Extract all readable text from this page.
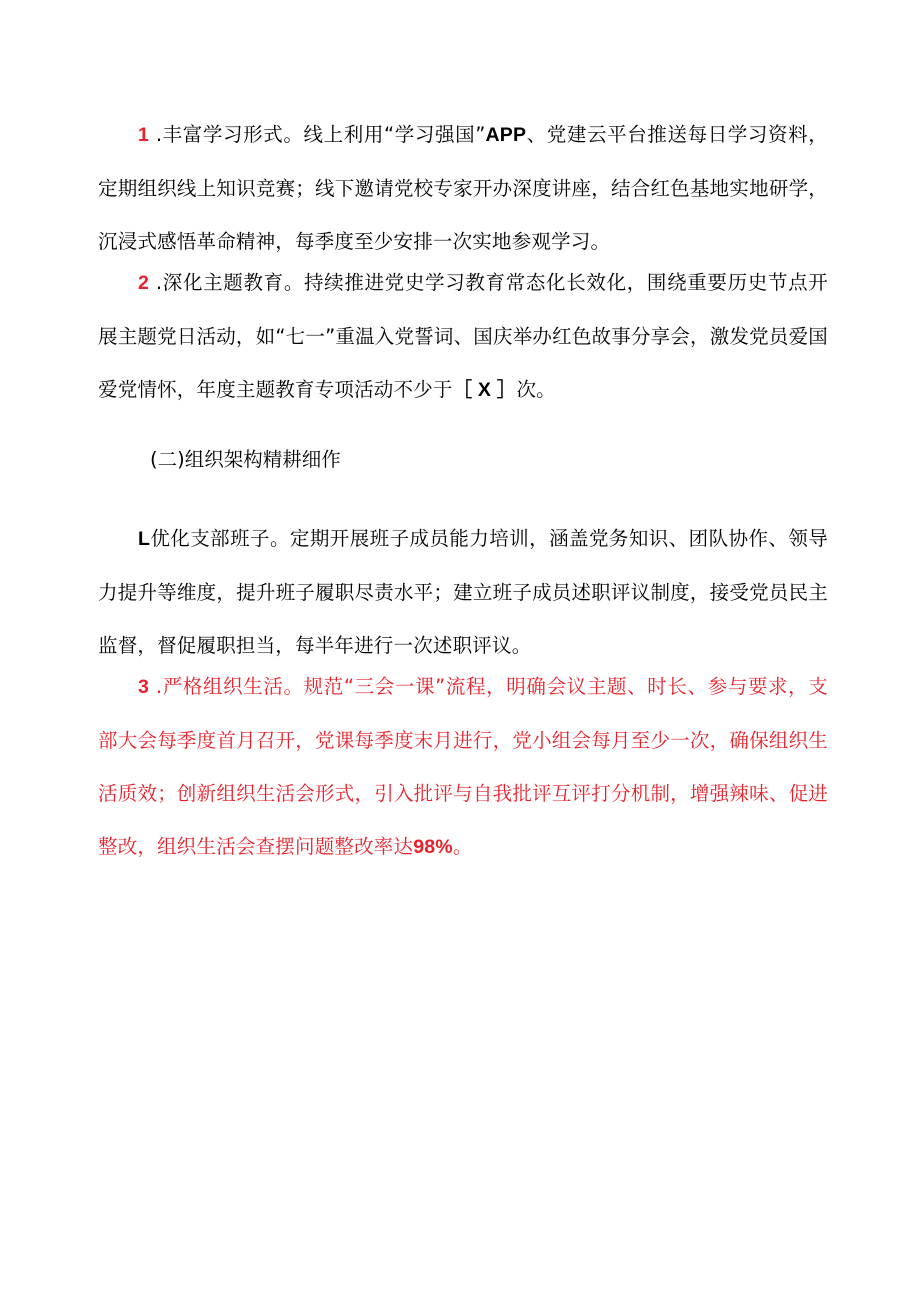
1 .丰富学习形式。线上利用“学习强国”APP、党建云平台推送每日学习资料，定期组织线上知识竞赛；线下邀请党校专家开办深度讲座，结合红色基地实地研学，沉浸式感悟革命精神，每季度至少安排一次实地参观学习。

2 .深化主题教育。持续推进党史学习教育常态化长效化，围绕重要历史节点开展主题党日活动，如“七一”重温入党誓词、国庆举办红色故事分享会，激发党员爱国爱党情怀，年度主题教育专项活动不少于［ X ］次。

(二)组织架构精耕细作

L优化支部班子。定期开展班子成员能力培训，涵盖党务知识、团队协作、领导力提升等维度，提升班子履职尽责水平；建立班子成员述职评议制度，接受党员民主监督，督促履职担当，每半年进行一次述职评议。

3 .严格组织生活。规范“三会一课”流程，明确会议主题、时长、参与要求，支部大会每季度首月召开，党课每季度末月进行，党小组会每月至少一次，确保组织生活质效；创新组织生活会形式，引入批评与自我批评互评打分机制，增强辣味、促进整改，组织生活会查摆问题整改率达98%。
